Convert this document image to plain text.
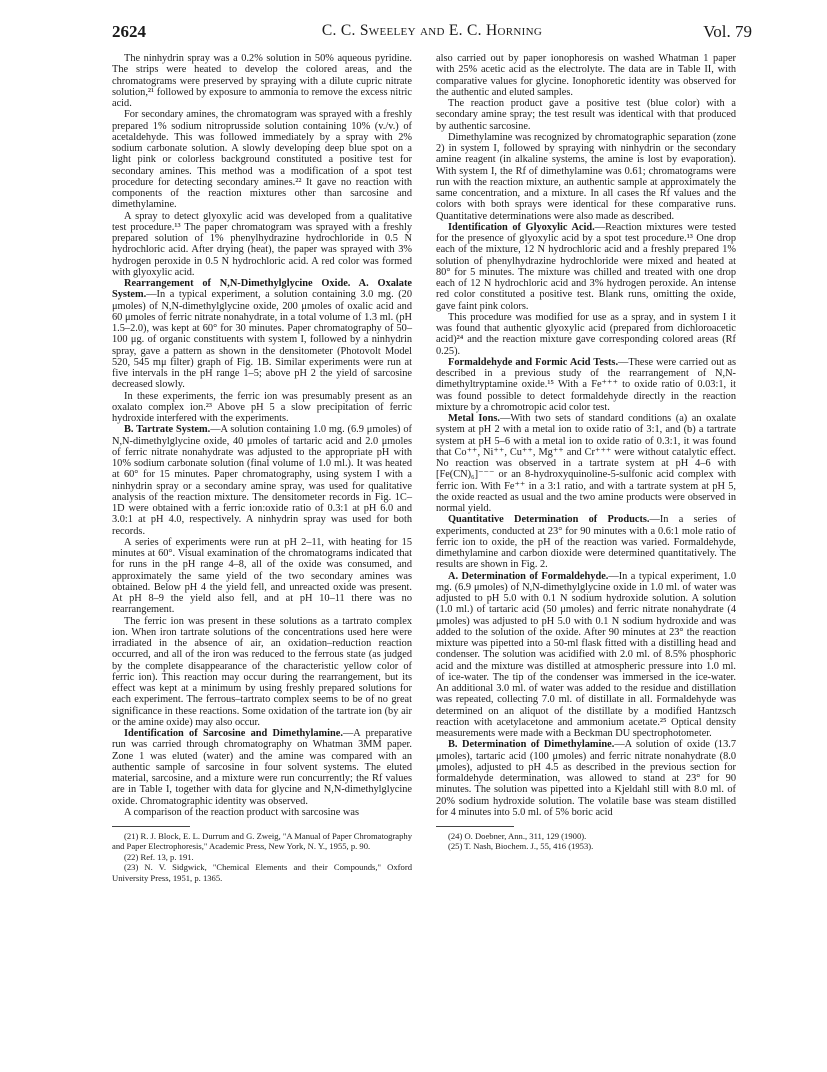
2624	C. C. Sweeley and E. C. Horning	Vol. 79

The ninhydrin spray was a 0.2% solution in 50% aqueous pyridine. The strips were heated to develop the colored areas, and the chromatograms were preserved by spraying with a dilute cupric nitrate solution,²¹ followed by exposure to ammonia to remove the excess nitric acid.

For secondary amines, the chromatogram was sprayed with a freshly prepared 1% sodium nitroprusside solution containing 10% (v./v.) of acetaldehyde. This was followed immediately by a spray with 2% sodium carbonate solution. A slowly developing deep blue spot on a light pink or colorless background constituted a positive test for secondary amines. This method was a modification of a spot test procedure for detecting secondary amines.²² It gave no reaction with components of the reaction mixtures other than sarcosine and dimethylamine.

A spray to detect glyoxylic acid was developed from a qualitative test procedure.¹³ The paper chromatogram was sprayed with a freshly prepared solution of 1% phenylhydrazine hydrochloride in 0.5 N hydrochloric acid. After drying (heat), the paper was sprayed with 3% hydrogen peroxide in 0.5 N hydrochloric acid. A red color was formed with glyoxylic acid.

Rearrangement of N,N-Dimethylglycine Oxide. A. Oxalate System.—In a typical experiment, a solution containing 3.0 mg. (20 μmoles) of N,N-dimethylglycine oxide, 200 μmoles of oxalic acid and 60 μmoles of ferric nitrate nonahydrate, in a total volume of 1.3 ml. (pH 1.5–2.0), was kept at 60° for 30 minutes. Paper chromatography of 50–100 μg. of organic constituents with system I, followed by a ninhydrin spray, gave a pattern as shown in the densitometer (Photovolt Model 520, 545 mμ filter) graph of Fig. 1B. Similar experiments were run at five intervals in the pH range 1–5; above pH 2 the yield of sarcosine decreased slowly.

In these experiments, the ferric ion was presumably present as an oxalato complex ion.²³ Above pH 5 a slow precipitation of ferric hydroxide interfered with the experiments.

B. Tartrate System.—A solution containing 1.0 mg. (6.9 μmoles) of N,N-dimethylglycine oxide, 40 μmoles of tartaric acid and 2.0 μmoles of ferric nitrate nonahydrate was adjusted to the appropriate pH with 10% sodium carbonate solution (final volume of 1.0 ml.). It was heated at 60° for 15 minutes. Paper chromatography, using system I with a ninhydrin spray or a secondary amine spray, was used for qualitative analysis of the reaction mixture. The densitometer records in Fig. 1C–1D were obtained with a ferric ion:oxide ratio of 0.3:1 at pH 6.0 and 3.0:1 at pH 4.0, respectively. A ninhydrin spray was used for both records.

A series of experiments were run at pH 2–11, with heating for 15 minutes at 60°. Visual examination of the chromatograms indicated that for runs in the pH range 4–8, all of the oxide was consumed, and approximately the same yield of the two secondary amines was obtained. Below pH 4 the yield fell, and unreacted oxide was present. At pH 8–9 the yield also fell, and at pH 10–11 there was no rearrangement.

The ferric ion was present in these solutions as a tartrato complex ion. When iron tartrate solutions of the concentrations used here were irradiated in the absence of air, an oxidation–reduction reaction occurred, and all of the iron was reduced to the ferrous state (as judged by the complete disappearance of the characteristic yellow color of ferric ion). This reaction may occur during the rearrangement, but its effect was kept at a minimum by using freshly prepared solutions for each experiment. The ferrous–tartrato complex seems to be of no great significance in these reactions. Some oxidation of the tartrate ion (by air or the amine oxide) may also occur.

Identification of Sarcosine and Dimethylamine.—A preparative run was carried through chromatography on Whatman 3MM paper. Zone 1 was eluted (water) and the amine was compared with an authentic sample of sarcosine in four solvent systems. The eluted material, sarcosine, and a mixture were run concurrently; the Rf values are in Table I, together with data for glycine and N,N-dimethylglycine oxide. Chromatographic identity was observed.

A comparison of the reaction product with sarcosine was

(21) R. J. Block, E. L. Durrum and G. Zweig, "A Manual of Paper Chromatography and Paper Electrophoresis," Academic Press, New York, N. Y., 1955, p. 90.

(22) Ref. 13, p. 191.

(23) N. V. Sidgwick, "Chemical Elements and their Compounds," Oxford University Press, 1951, p. 1365.

also carried out by paper ionophoresis on washed Whatman 1 paper with 25% acetic acid as the electrolyte. The data are in Table II, with comparative values for glycine. Ionophoretic identity was observed for the authentic and eluted samples.

The reaction product gave a positive test (blue color) with a secondary amine spray; the test result was identical with that produced by authentic sarcosine.

Dimethylamine was recognized by chromatographic separation (zone 2) in system I, followed by spraying with ninhydrin or the secondary amine reagent (in alkaline systems, the amine is lost by evaporation). With system I, the Rf of dimethylamine was 0.61; chromatograms were run with the reaction mixture, an authentic sample at approximately the same concentration, and a mixture. In all cases the Rf values and the colors with both sprays were identical for these comparative runs. Quantitative determinations were also made as described.

Identification of Glyoxylic Acid.—Reaction mixtures were tested for the presence of glyoxylic acid by a spot test procedure.¹³ One drop each of the mixture, 12 N hydrochloric acid and a freshly prepared 1% solution of phenylhydrazine hydrochloride were mixed and heated at 80° for 5 minutes. The mixture was chilled and treated with one drop each of 12 N hydrochloric acid and 3% hydrogen peroxide. An intense red color constituted a positive test. Blank runs, omitting the oxide, gave faint pink colors.

This procedure was modified for use as a spray, and in system I it was found that authentic glyoxylic acid (prepared from dichloroacetic acid)²⁴ and the reaction mixture gave corresponding colored areas (Rf 0.25).

Formaldehyde and Formic Acid Tests.—These were carried out as described in a previous study of the rearrangement of N,N-dimethyltryptamine oxide.¹⁵ With a Fe⁺⁺⁺ to oxide ratio of 0.03:1, it was found possible to detect formaldehyde directly in the reaction mixture by a chromotropic acid color test.

Metal Ions.—With two sets of standard conditions (a) an oxalate system at pH 2 with a metal ion to oxide ratio of 3:1, and (b) a tartrate system at pH 5–6 with a metal ion to oxide ratio of 0.3:1, it was found that Co⁺⁺, Ni⁺⁺, Cu⁺⁺, Mg⁺⁺ and Cr⁺⁺⁺ were without catalytic effect. No reaction was observed in a tartrate system at pH 4–6 with [Fe(CN)₆]⁻⁻⁻ or an 8-hydroxyquinoline-5-sulfonic acid complex with ferric ion. With Fe⁺⁺ in a 3:1 ratio, and with a tartrate system at pH 5, the oxide reacted as usual and the two amine products were observed in normal yield.

Quantitative Determination of Products.—In a series of experiments, conducted at 23° for 90 minutes with a 0.6:1 mole ratio of ferric ion to oxide, the pH of the reaction was varied. Formaldehyde, dimethylamine and carbon dioxide were determined quantitatively. The results are shown in Fig. 2.

A. Determination of Formaldehyde.—In a typical experiment, 1.0 mg. (6.9 μmoles) of N,N-dimethylglycine oxide in 1.0 ml. of water was adjusted to pH 5.0 with 0.1 N sodium hydroxide solution. A solution (1.0 ml.) of tartaric acid (50 μmoles) and ferric nitrate nonahydrate (4 μmoles) was adjusted to pH 5.0 with 0.1 N sodium hydroxide and was added to the solution of the oxide. After 90 minutes at 23° the reaction mixture was pipetted into a 50-ml flask fitted with a distilling head and condenser. The solution was acidified with 2.0 ml. of 8.5% phosphoric acid and the mixture was distilled at atmospheric pressure into 1.0 ml. of ice-water. The tip of the condenser was immersed in the ice-water. An additional 3.0 ml. of water was added to the residue and distillation was repeated, collecting 7.0 ml. of distillate in all. Formaldehyde was determined on an aliquot of the distillate by a modified Hantzsch reaction with acetylacetone and ammonium acetate.²⁵ Optical density measurements were made with a Beckman DU spectrophotometer.

B. Determination of Dimethylamine.—A solution of oxide (13.7 μmoles), tartaric acid (100 μmoles) and ferric nitrate nonahydrate (8.0 μmoles), adjusted to pH 4.5 as described in the previous section for formaldehyde determination, was allowed to stand at 23° for 90 minutes. The solution was pipetted into a Kjeldahl still with 8.0 ml. of 20% sodium hydroxide solution. The volatile base was steam distilled for 4 minutes into 5.0 ml. of 5% boric acid

(24) O. Doebner, Ann., 311, 129 (1900).

(25) T. Nash, Biochem. J., 55, 416 (1953).
